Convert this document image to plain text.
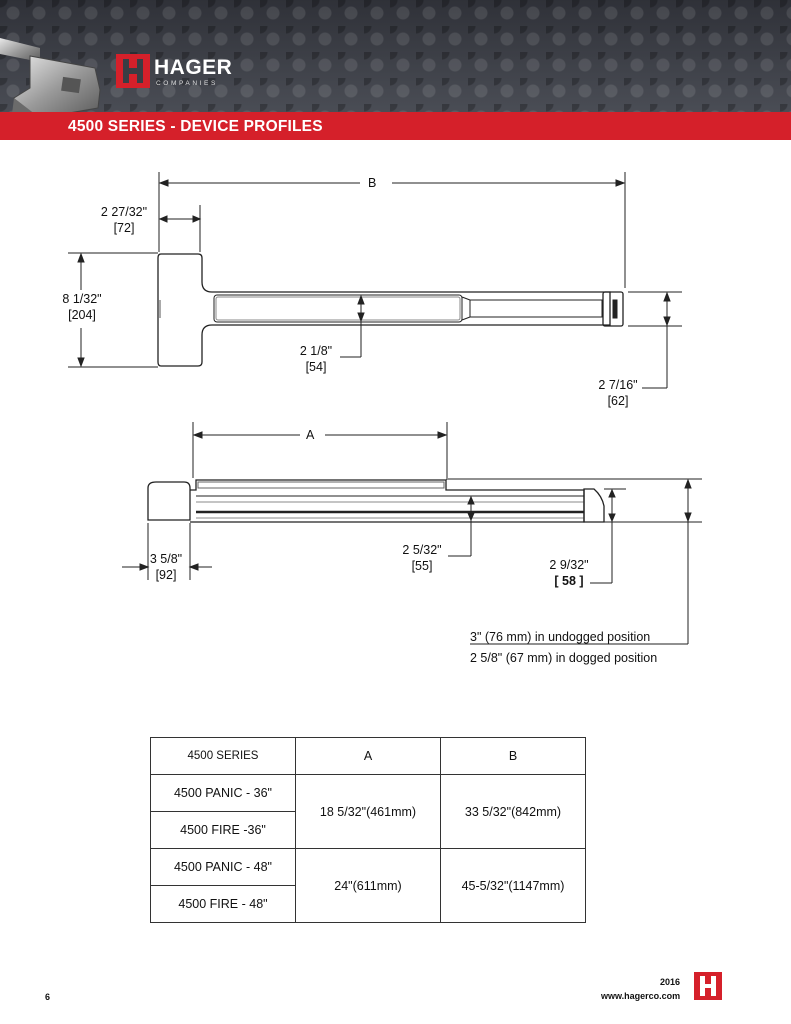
HAGER
COMPANIES
4500 SERIES - DEVICE PROFILES
B
2 27/32"
[72]
8 1/32"
[204]
2 1/8"
[54]
2 7/16"
[62]
A
3 5/8"
[92]
2 5/32"
[55]	2 9/32"
[ 58 ]
3" (76 mm) in undogged position
2 5/8" (67 mm) in dogged position
4500 SERIES	A	B
4500 PANIC - 36"	18 5/32"(461mm)	33 5/32"(842mm)
4500 FIRE -36"		
4500 PANIC - 48"	24"(611mm)	45-5/32"(1147mm)
4500 FIRE - 48"		
6
2016
www.hagerco.com
